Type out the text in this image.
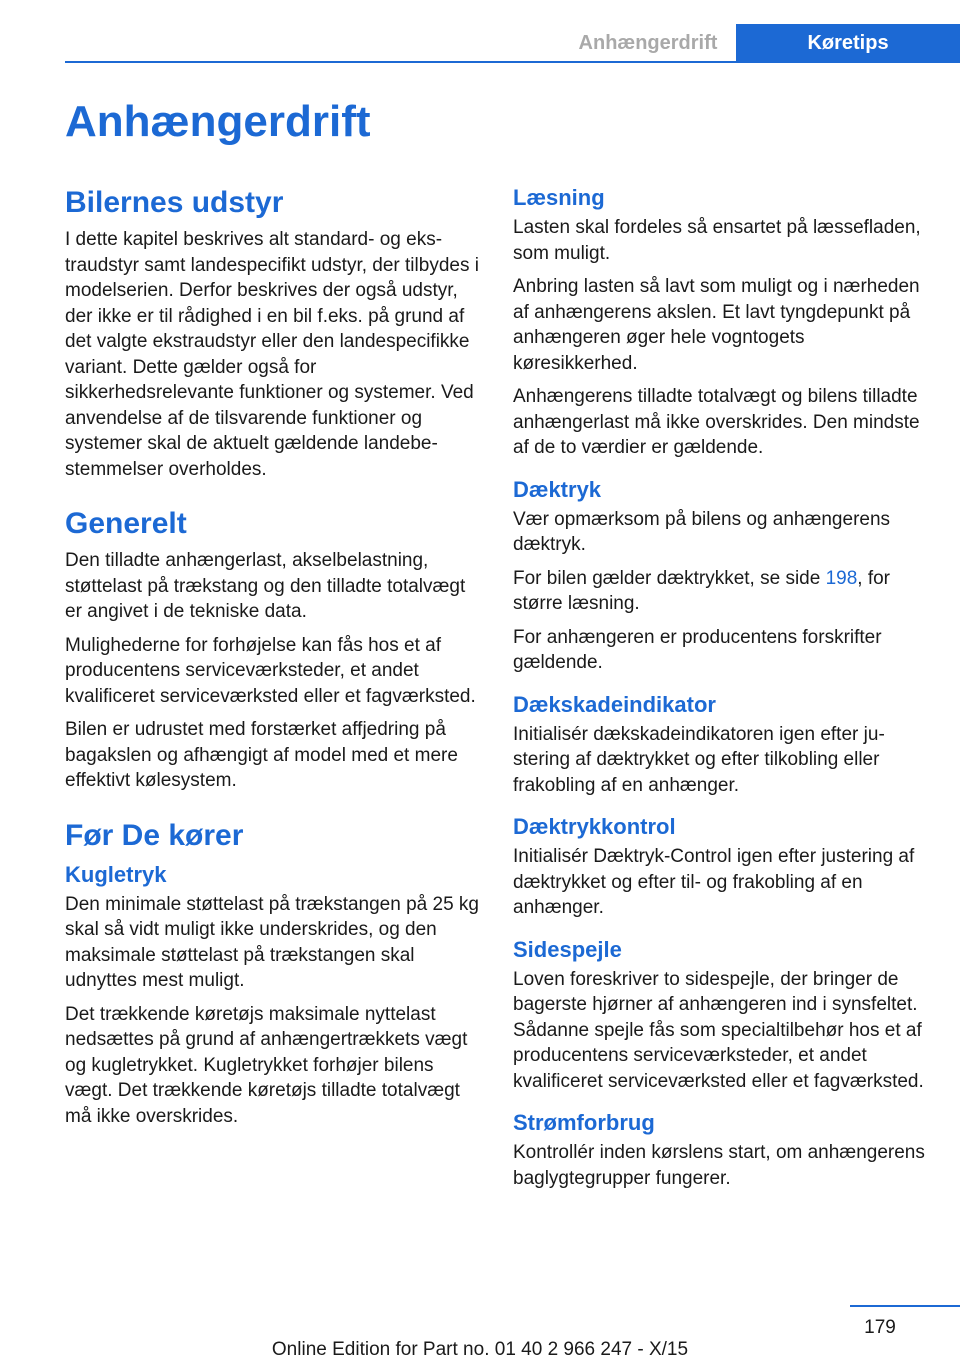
Anhængerdrift	Køretips
Anhængerdrift
Bilernes udstyr

I dette kapitel beskrives alt standard- og ekstraudstyr samt landespecifikt udstyr, der tilbydes i modelserien. Derfor beskrives der også udstyr, der ikke er til rådighed i en bil f.eks. på grund af det valgte ekstraudstyr eller den landespecifikke variant. Dette gælder også for sikkerhedsrelevante funktioner og systemer. Ved anvendelse af de tilsvarende funktioner og systemer skal de aktuelt gældende landebestemmelser overholdes.

Generelt

Den tilladte anhængerlast, akselbelastning, støttelast på trækstang og den tilladte totalvægt er angivet i de tekniske data.

Mulighederne for forhøjelse kan fås hos et af producentens serviceværksteder, et andet kvalificeret serviceværksted eller et fagværksted.

Bilen er udrustet med forstærket affjedring på bagakslen og afhængigt af model med et mere effektivt kølesystem.

Før De kører
Kugletryk

Den minimale støttelast på trækstangen på 25 kg skal så vidt muligt ikke underskrides, og den maksimale støttelast på trækstangen skal udnyttes mest muligt.

Det trækkende køretøjs maksimale nyttelast nedsættes på grund af anhængertrækkets vægt og kugletrykket. Kugletrykket forhøjer bilens vægt. Det trækkende køretøjs tilladte totalvægt må ikke overskrides.

Læsning

Lasten skal fordeles så ensartet på læssefladen, som muligt.

Anbring lasten så lavt som muligt og i nærheden af anhængerens akslen. Et lavt tyngdepunkt på anhængeren øger hele vogntogets køresikkerhed.

Anhængerens tilladte totalvægt og bilens tilladte anhængerlast må ikke overskrides. Den mindste af de to værdier er gældende.

Dæktryk

Vær opmærksom på bilens og anhængerens dæktryk.

For bilen gælder dæktrykket, se side 198, for større læsning.

For anhængeren er producentens forskrifter gældende.

Dækskadeindikator

Initialisér dækskadeindikatoren igen efter justering af dæktrykket og efter tilkobling eller frakobling af en anhænger.

Dæktrykkontrol

Initialisér Dæktryk-Control igen efter justering af dæktrykket og efter til- og frakobling af en anhænger.

Sidespejle

Loven foreskriver to sidespejle, der bringer de bagerste hjørner af anhængeren ind i synsfeltet. Sådanne spejle fås som specialtilbehør hos et af producentens serviceværksteder, et andet kvalificeret serviceværksted eller et fagværksted.

Strømforbrug

Kontrollér inden kørslens start, om anhængerens baglygtegrupper fungerer.

179
Online Edition for Part no. 01 40 2 966 247 - X/15
